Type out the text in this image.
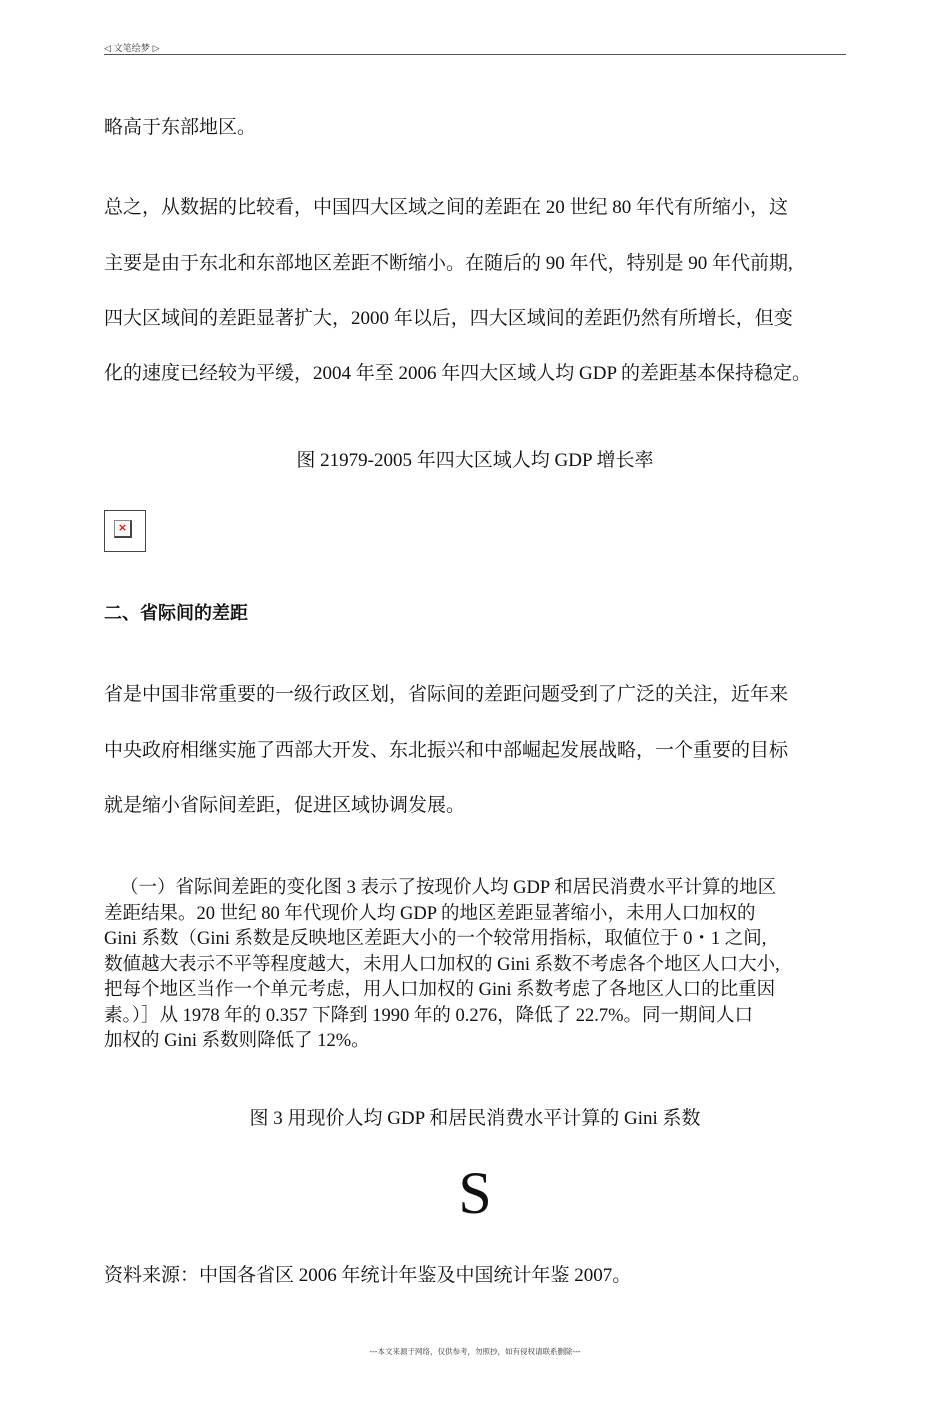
◁ 文笔绘梦 ▷
略高于东部地区。
总之，从数据的比较看，中国四大区域之间的差距在 20 世纪 80 年代有所缩小，这
主要是由于东北和东部地区差距不断缩小。在随后的 90 年代，特别是 90 年代前期,
四大区域间的差距显著扩大，2000 年以后，四大区域间的差距仍然有所增长，但变
化的速度已经较为平缓，2004 年至 2006 年四大区域人均 GDP 的差距基本保持稳定。
图 21979-2005 年四大区域人均 GDP 增长率
×
二、省际间的差距
省是中国非常重要的一级行政区划，省际间的差距问题受到了广泛的关注，近年来
中央政府相继实施了西部大开发、东北振兴和中部崛起发展战略，一个重要的目标
就是缩小省际间差距，促进区域协调发展。
（一）省际间差距的变化图 3 表示了按现价人均 GDP 和居民消费水平计算的地区
差距结果。20 世纪 80 年代现价人均 GDP 的地区差距显著缩小，未用人口加权的
Gini 系数（Gini 系数是反映地区差距大小的一个较常用指标，取値位于 0・1 之间,
数値越大表示不平等程度越大，未用人口加权的 Gini 系数不考虑各个地区人口大小,
把每个地区当作一个单元考虑，用人口加权的 Gini 系数考虑了各地区人口的比重因
素。）］从 1978 年的 0.357 下降到 1990 年的 0.276，降低了 22.7%。同一期间人口
加权的 Gini 系数则降低了 12%。
图 3 用现价人均 GDP 和居民消费水平计算的 Gini 系数
S
资料来源：中国各省区 2006 年统计年鉴及中国统计年鉴 2007。
---本文来源于网络，仅供参考，勿照抄，如有侵权请联系删除---
